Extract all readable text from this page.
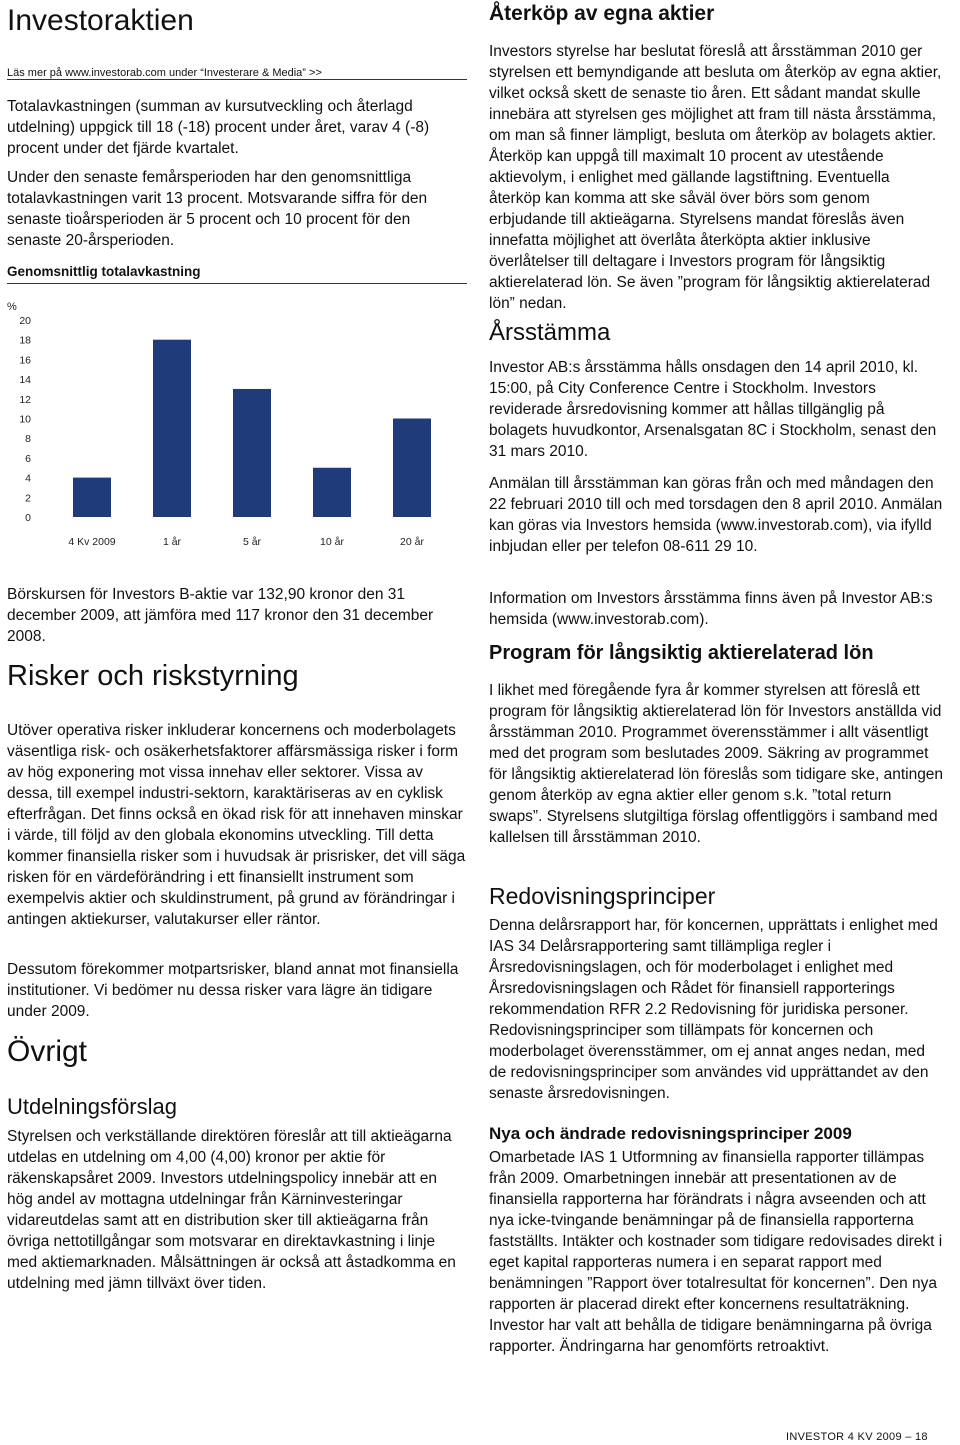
Investoraktien
Läs mer på www.investorab.com under “Investerare & Media” >>

Totalavkastningen (summan av kursutveckling och återlagd utdelning) uppgick till 18 (-18) procent under året, varav 4 (-8) procent under det fjärde kvartalet.

Under den senaste femårsperioden har den genomsnittliga totalavkastningen varit 13 procent. Motsvarande siffra för den senaste tioårsperioden är 5 procent och 10 procent för den senaste 20-årsperioden.

Genomsnittlig totalavkastning
%
20
18
16
14
12
10
8
6
4
2
0
4 Kv 2009	1 år	5 år	10 år	20 år

Börskursen för Investors B-aktie var 132,90 kronor den 31 december 2009, att jämföra med 117 kronor den 31 december 2008.

Risker och riskstyrning

Utöver operativa risker inkluderar koncernens och moderbolagets väsentliga risk- och osäkerhetsfaktorer affärsmässiga risker i form av hög exponering mot vissa innehav eller sektorer. Vissa av dessa, till exempel industri-sektorn, karaktäriseras av en cyklisk efterfrågan. Det finns också en ökad risk för att innehaven minskar i värde, till följd av den globala ekonomins utveckling. Till detta kommer finansiella risker som i huvudsak är prisrisker, det vill säga risken för en värdeförändring i ett finansiellt instrument som exempelvis aktier och skuldinstrument, på grund av förändringar i antingen aktiekurser, valutakurser eller räntor.

Dessutom förekommer motpartsrisker, bland annat mot finansiella institutioner. Vi bedömer nu dessa risker vara lägre än tidigare under 2009.

Övrigt
Utdelningsförslag

Styrelsen och verkställande direktören föreslår att till aktieägarna utdelas en utdelning om 4,00 (4,00) kronor per aktie för räkenskapsåret 2009. Investors utdelningspolicy innebär att en hög andel av mottagna utdelningar från Kärninvesteringar vidareutdelas samt att en distribution sker till aktieägarna från övriga nettotillgångar som motsvarar en direktavkastning i linje med aktiemarknaden. Målsättningen är också att åstadkomma en utdelning med jämn tillväxt över tiden.

Återköp av egna aktier

Investors styrelse har beslutat föreslå att årsstämman 2010 ger styrelsen ett bemyndigande att besluta om återköp av egna aktier, vilket också skett de senaste tio åren. Ett sådant mandat skulle innebära att styrelsen ges möjlighet att fram till nästa årsstämma, om man så finner lämpligt, besluta om återköp av bolagets aktier. Återköp kan uppgå till maximalt 10 procent av utestående aktievolym, i enlighet med gällande lagstiftning. Eventuella återköp kan komma att ske såväl över börs som genom erbjudande till aktieägarna. Styrelsens mandat föreslås även innefatta möjlighet att överlåta återköpta aktier inklusive överlåtelser till deltagare i Investors program för långsiktig aktierelaterad lön. Se även ”program för långsiktig aktierelaterad lön” nedan.

Årsstämma

Investor AB:s årsstämma hålls onsdagen den 14 april 2010, kl. 15:00, på City Conference Centre i Stockholm. Investors reviderade årsredovisning kommer att hållas tillgänglig på bolagets huvudkontor, Arsenalsgatan 8C i Stockholm, senast den 31 mars 2010.

Anmälan till årsstämman kan göras från och med måndagen den 22 februari 2010 till och med torsdagen den 8 april 2010. Anmälan kan göras via Investors hemsida (www.investorab.com), via ifylld inbjudan eller per telefon 08-611 29 10.

Information om Investors årsstämma finns även på Investor AB:s hemsida (www.investorab.com).

Program för långsiktig aktierelaterad lön

I likhet med föregående fyra år kommer styrelsen att föreslå ett program för långsiktig aktierelaterad lön för Investors anställda vid årsstämman 2010. Programmet överensstämmer i allt väsentligt med det program som beslutades 2009. Säkring av programmet för långsiktig aktierelaterad lön föreslås som tidigare ske, antingen genom återköp av egna aktier eller genom s.k. ”total return swaps”. Styrelsens slutgiltiga förslag offentliggörs i samband med kallelsen till årsstämman 2010.

Redovisningsprinciper

Denna delårsrapport har, för koncernen, upprättats i enlighet med IAS 34 Delårsrapportering samt tillämpliga regler i Årsredovisningslagen, och för moderbolaget i enlighet med Årsredovisningslagen och Rådet för finansiell rapporterings rekommendation RFR 2.2 Redovisning för juridiska personer. Redovisningsprinciper som tillämpats för koncernen och moderbolaget överensstämmer, om ej annat anges nedan, med de redovisningsprinciper som användes vid upprättandet av den senaste årsredovisningen.

Nya och ändrade redovisningsprinciper 2009

Omarbetade IAS 1 Utformning av finansiella rapporter tillämpas från 2009. Omarbetningen innebär att presentationen av de finansiella rapporterna har förändrats i några avseenden och att nya icke-tvingande benämningar på de finansiella rapporterna fastställts. Intäkter och kostnader som tidigare redovisades direkt i eget kapital rapporteras numera i en separat rapport med benämningen ”Rapport över totalresultat för koncernen”. Den nya rapporten är placerad direkt efter koncernens resultaträkning. Investor har valt att behålla de tidigare benämningarna på övriga rapporter. Ändringarna har genomförts retroaktivt.

INVESTOR 4 KV 2009 – 18
